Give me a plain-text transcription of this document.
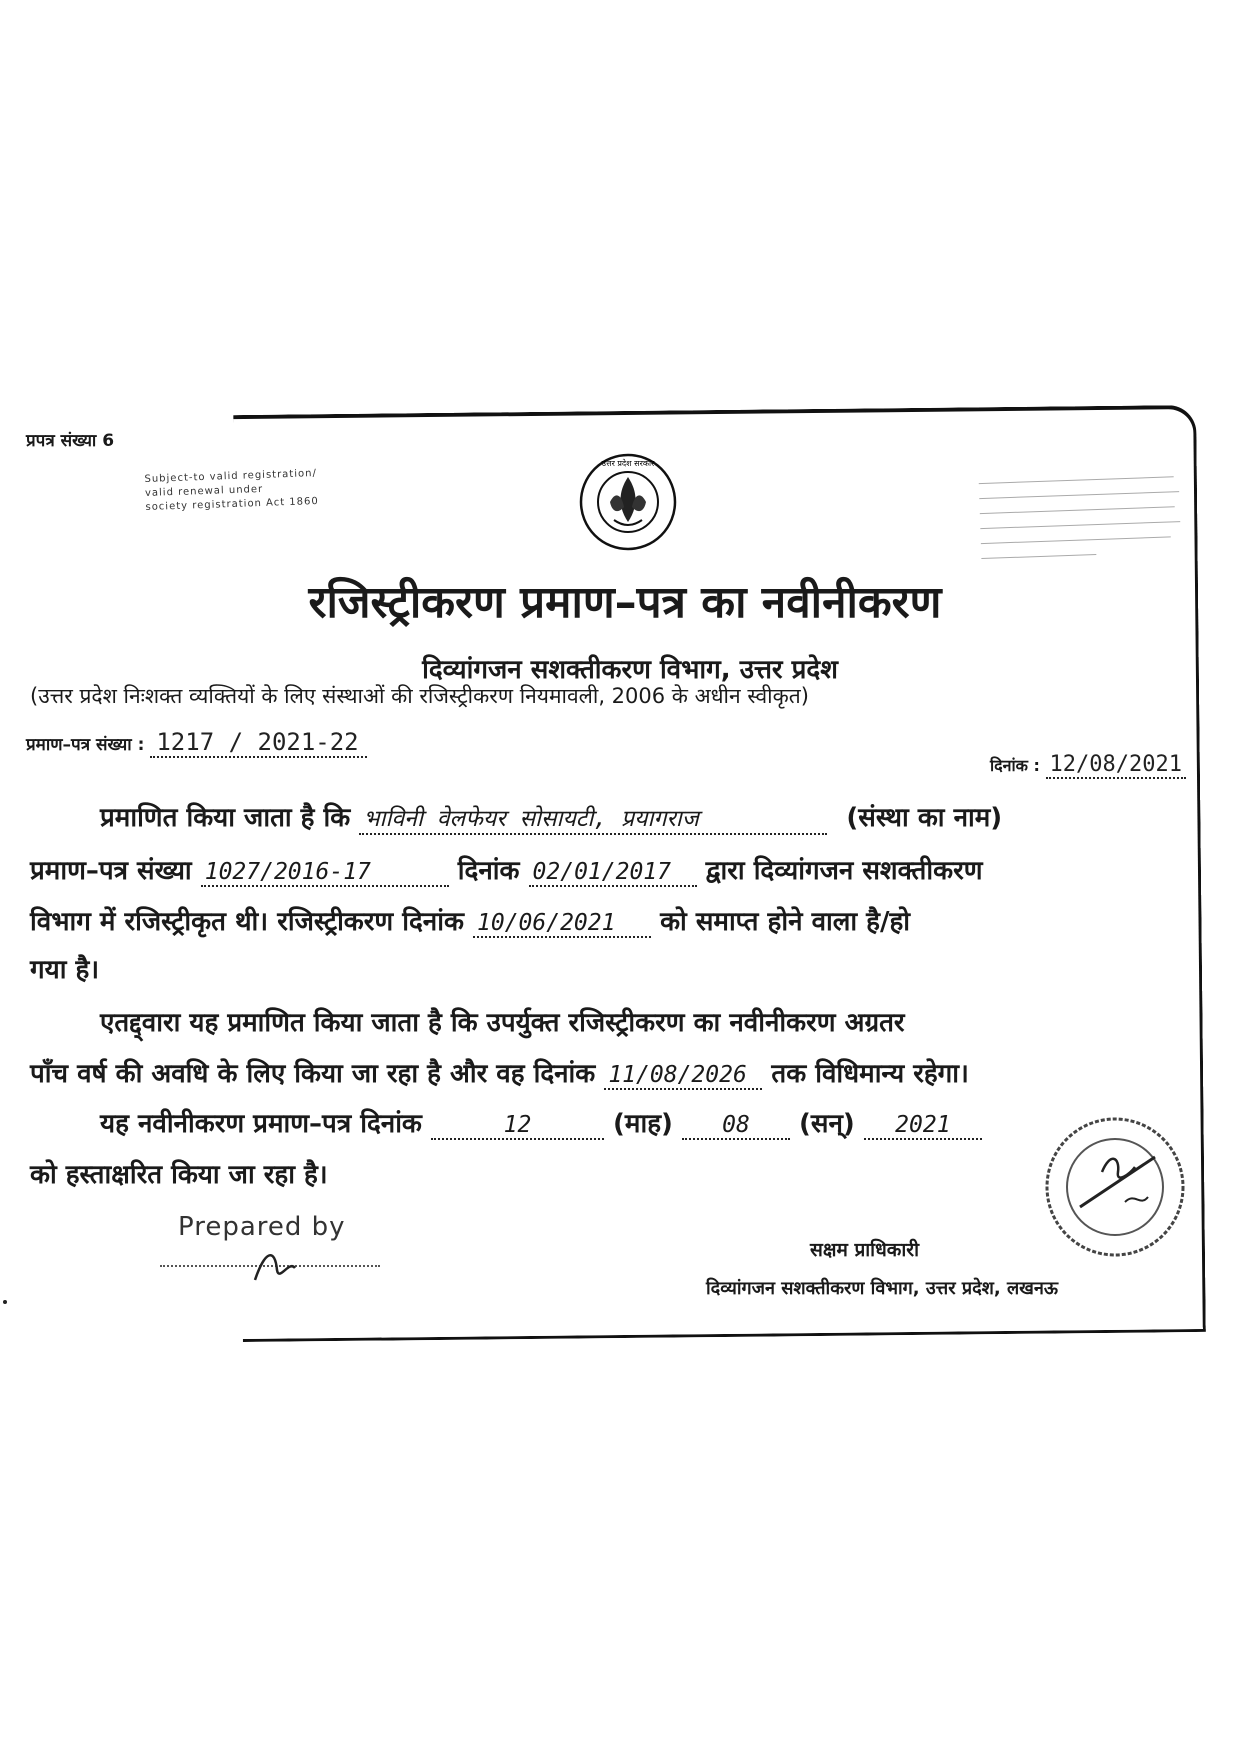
प्रपत्र संख्या 6
Subject-to valid registration/
valid renewal under
society registration Act 1860
उत्तर प्रदेश सरकार
रजिस्ट्रीकरण प्रमाण–पत्र का नवीनीकरण
दिव्यांगजन सशक्तीकरण विभाग, उत्तर प्रदेश
(उत्तर प्रदेश निःशक्त व्यक्तियों के लिए संस्थाओं की रजिस्ट्रीकरण नियमावली, 2006 के अधीन स्वीकृत)
प्रमाण–पत्र संख्या : 1217 / 2021-22
दिनांक : 12/08/2021
प्रमाणित किया जाता है कि भाविनी वेलफेयर सोसायटी, प्रयागराज	(संस्था का नाम)
प्रमाण–पत्र संख्या 1027/2016-17	दिनांक 02/01/2017 द्वारा दिव्यांगजन सशक्तीकरण
विभाग में रजिस्ट्रीकृत थी। रजिस्ट्रीकरण दिनांक 10/06/2021 को समाप्त होने वाला है/हो
गया है।
एतद्द्वारा यह प्रमाणित किया जाता है कि उपर्युक्त रजिस्ट्रीकरण का नवीनीकरण अग्रतर
पाँच वर्ष की अवधि के लिए किया जा रहा है और वह दिनांक 11/08/2026 तक विधिमान्य रहेगा।
यह नवीनीकरण प्रमाण–पत्र दिनांक	12	(माह) 08 (सन्) 2021
को हस्ताक्षरित किया जा रहा है।
Prepared by
सक्षम प्राधिकारी
दिव्यांगजन सशक्तीकरण विभाग, उत्तर प्रदेश, लखनऊ
